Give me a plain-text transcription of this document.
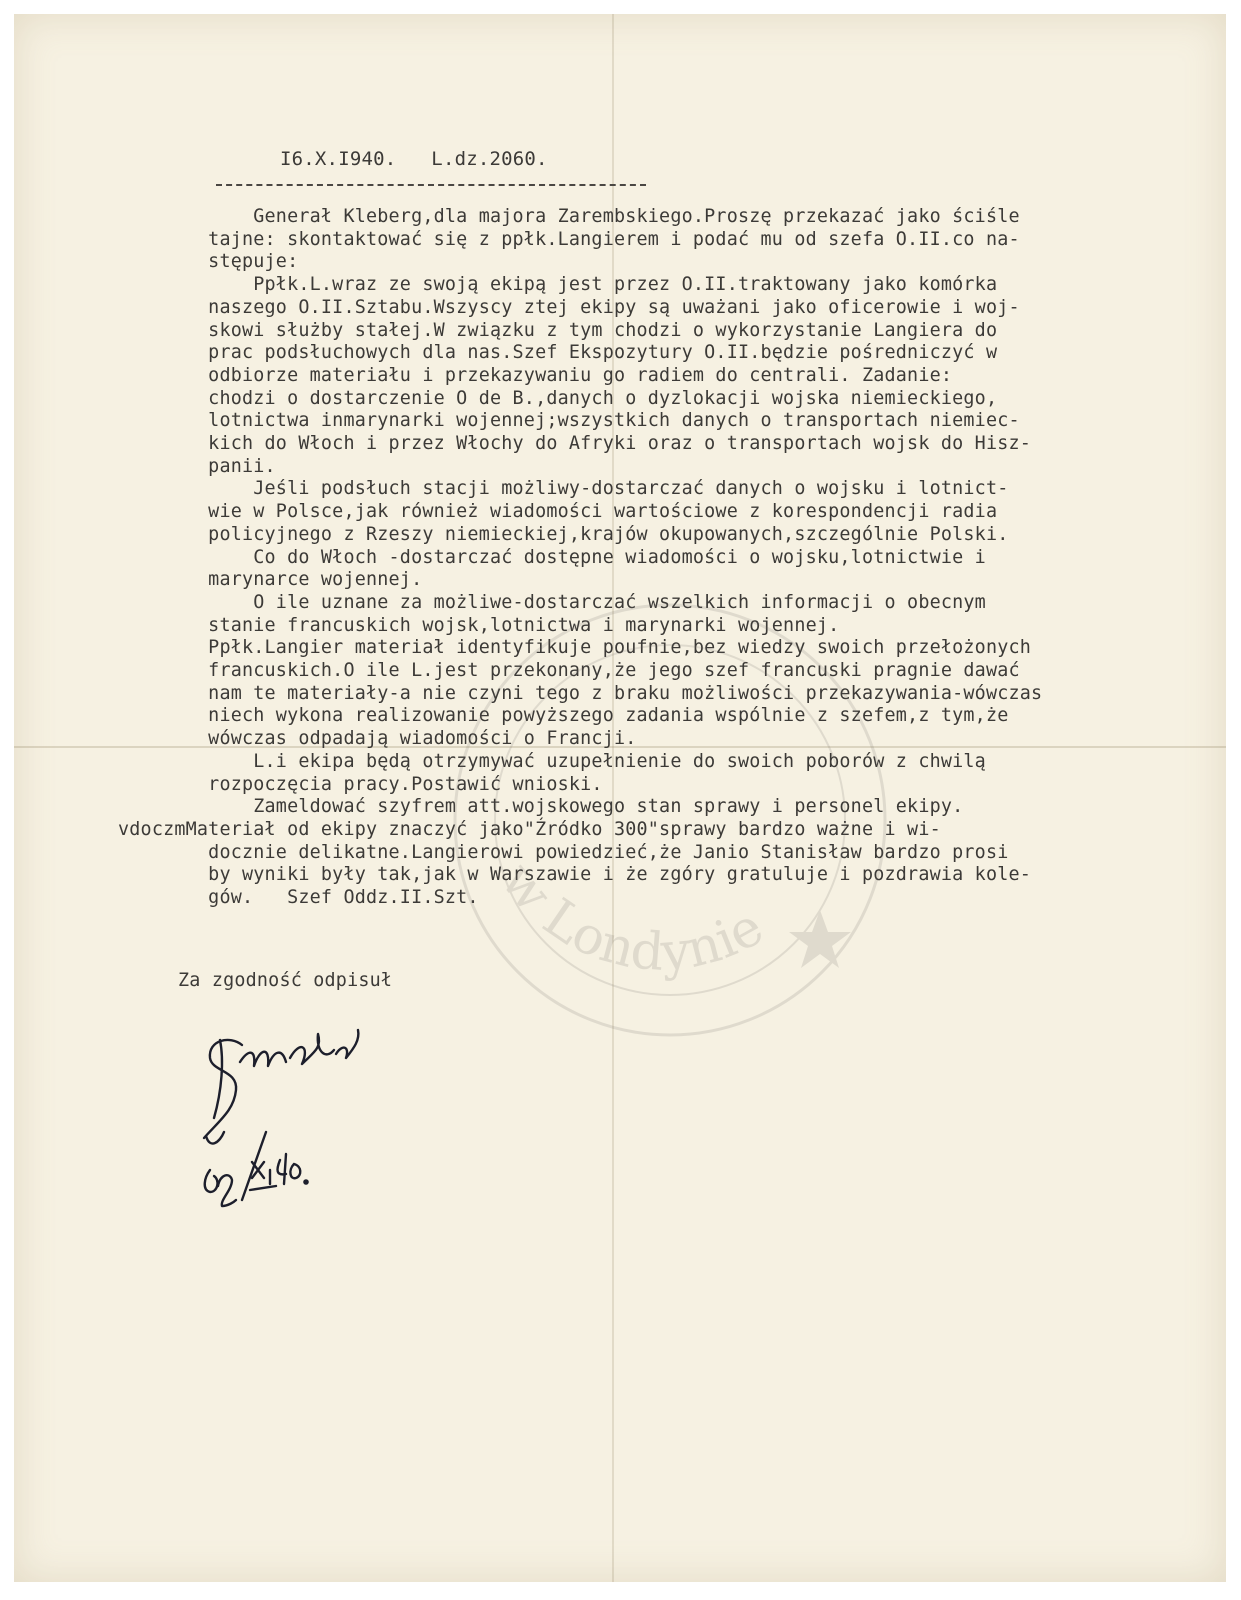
I6.X.I940.   L.dz.2060.
Generał Kleberg,dla majora Zarembskiego.Proszę przekazać jako ściśle
tajne: skontaktować się z ppłk.Langierem i podać mu od szefa O.II.co na-
stępuje:
Ppłk.L.wraz ze swoją ekipą jest przez O.II.traktowany jako komórka
naszego O.II.Sztabu.Wszyscy ztej ekipy są uważani jako oficerowie i woj-
skowi służby stałej.W związku z tym chodzi o wykorzystanie Langiera do
prac podsłuchowych dla nas.Szef Ekspozytury O.II.będzie pośredniczyć w
odbiorze materiału i przekazywaniu go radiem do centrali. Zadanie:
chodzi o dostarczenie O de B.,danych o dyzlokacji wojska niemieckiego,
lotnictwa inmarynarki wojennej;wszystkich danych o transportach niemiec-
kich do Włoch i przez Włochy do Afryki oraz o transportach wojsk do Hisz-
panii.
Jeśli podsłuch stacji możliwy-dostarczać danych o wojsku i lotnict-
wie w Polsce,jak również wiadomości wartościowe z korespondencji radia
policyjnego z Rzeszy niemieckiej,krajów okupowanych,szczególnie Polski.
Co do Włoch -dostarczać dostępne wiadomości o wojsku,lotnictwie i
marynarce wojennej.
O ile uznane za możliwe-dostarczać wszelkich informacji o obecnym
stanie francuskich wojsk,lotnictwa i marynarki wojennej.
Ppłk.Langier materiał identyfikuje poufnie,bez wiedzy swoich przełożonych
francuskich.O ile L.jest przekonany,że jego szef francuski pragnie dawać
nam te materiały-a nie czyni tego z braku możliwości przekazywania-wówczas
niech wykona realizowanie powyższego zadania wspólnie z szefem,z tym,że
wówczas odpadają wiadomości o Francji.
L.i ekipa będą otrzymywać uzupełnienie do swoich poborów z chwilą
rozpoczęcia pracy.Postawić wnioski.
Zameldować szyfrem att.wojskowego stan sprawy i personel ekipy.
vdoczmMateriał od ekipy znaczyć jako"Źródko 300"sprawy bardzo ważne i wi-
docznie delikatne.Langierowi powiedzieć,że Janio Stanisław bardzo prosi
by wyniki były tak,jak w Warszawie i że zgóry gratuluje i pozdrawia kole-
gów.   Szef Oddz.II.Szt.
Za zgodność odpisuł
